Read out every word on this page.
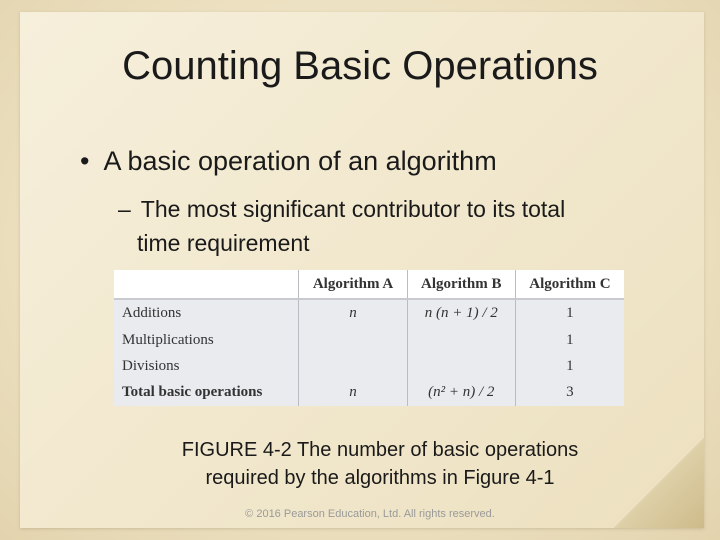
Counting Basic Operations
• A basic operation of an algorithm
– The most significant contributor to its total
time requirement
	Algorithm A	Algorithm B	Algorithm C
Additions	n	n (n + 1) / 2	1
Multiplications			1
Divisions			1
Total basic operations	n	(n² + n) / 2	3
FIGURE 4-2 The number of basic operations
required by the algorithms in Figure 4-1
© 2016 Pearson Education, Ltd. All rights reserved.
